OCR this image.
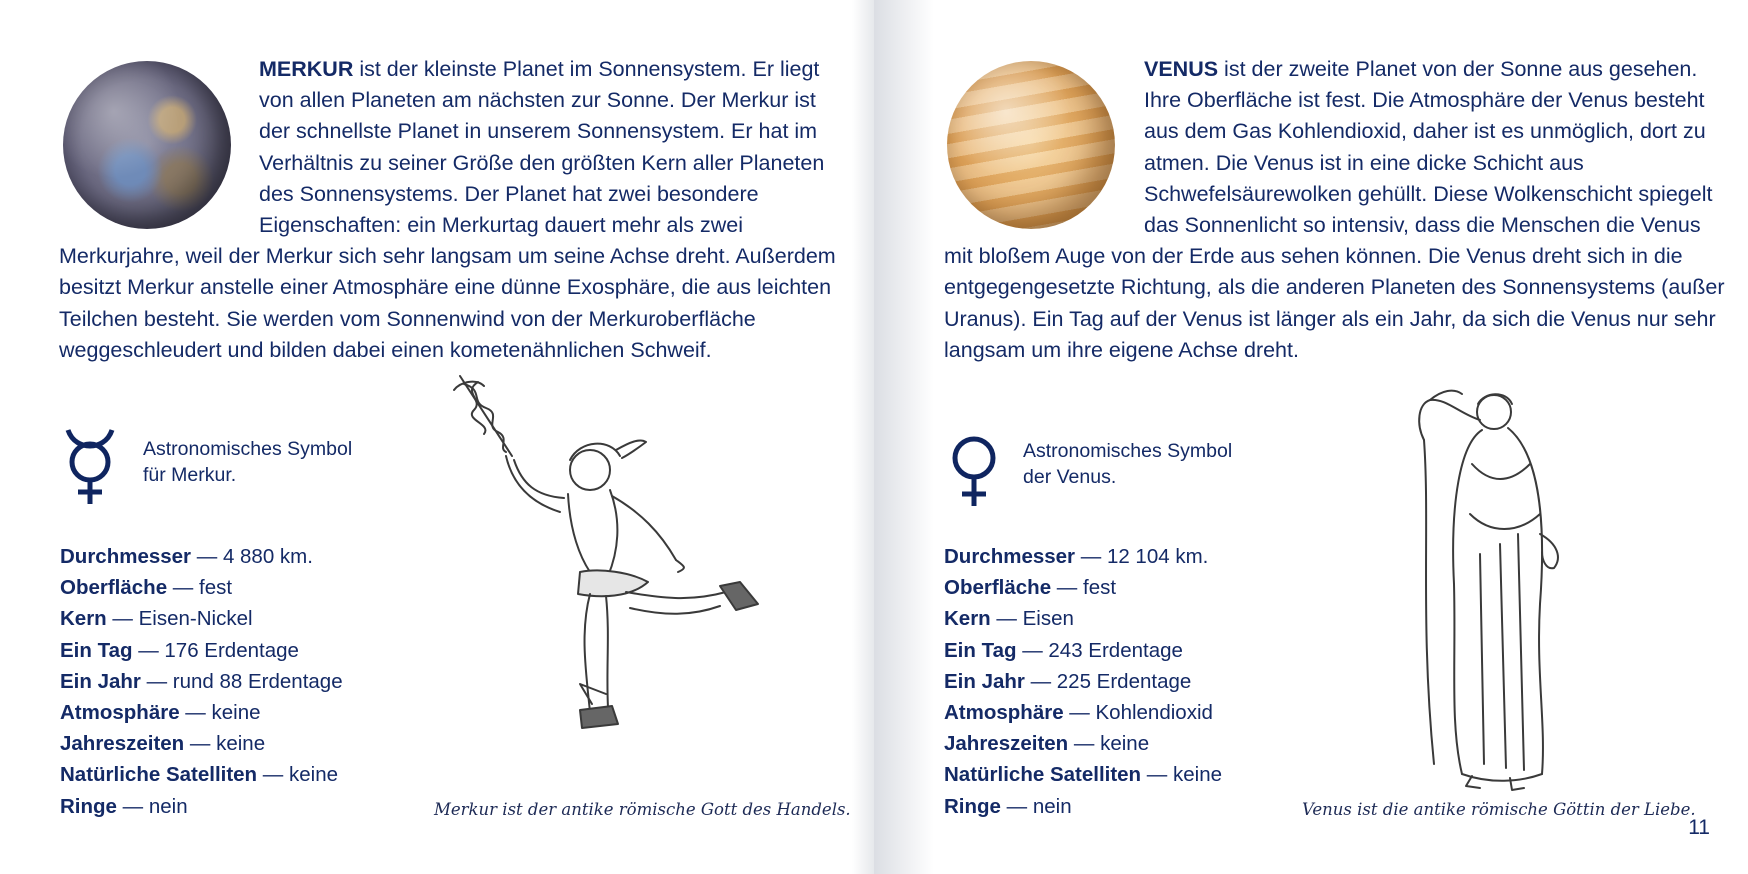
MERKUR ist der kleinste Planet im Sonnensystem. Er liegt von allen Planeten am nächsten zur Sonne. Der Merkur ist der schnellste Planet in unserem Sonnensystem. Er hat im Verhältnis zu seiner Größe den größten Kern aller Planeten des Sonnensystems. Der Planet hat zwei besondere Eigenschaften: ein Merkurtag dauert mehr als zwei Merkurjahre, weil der Merkur sich sehr langsam um seine Achse dreht. Außerdem besitzt Merkur anstelle einer Atmosphäre eine dünne Exosphäre, die aus leichten Teilchen besteht. Sie werden vom Sonnenwind von der Merkuroberfläche weggeschleudert und bilden dabei einen kometenähnlichen Schweif.

Astronomisches Symbol
für Merkur.

Durchmesser — 4 880 km.
Oberfläche — fest
Kern — Eisen-Nickel
Ein Tag — 176 Erdentage
Ein Jahr — rund 88 Erdentage
Atmosphäre — keine
Jahreszeiten — keine
Natürliche Satelliten — keine
Ringe — nein	Merkur ist der antike römische Gott des Handels.

VENUS ist der zweite Planet von der Sonne aus gesehen. Ihre Oberfläche ist fest. Die Atmosphäre der Venus besteht aus dem Gas Kohlendioxid, daher ist es unmöglich, dort zu atmen. Die Venus ist in eine dicke Schicht aus Schwefelsäurewolken gehüllt. Diese Wolkenschicht spiegelt das Sonnenlicht so intensiv, dass die Menschen die Venus mit bloßem Auge von der Erde aus sehen können. Die Venus dreht sich in die entgegengesetzte Richtung, als die anderen Planeten des Sonnensystems (außer Uranus). Ein Tag auf der Venus ist länger als ein Jahr, da sich die Venus nur sehr langsam um ihre eigene Achse dreht.

Astronomisches Symbol
der Venus.

Durchmesser — 12 104 km.
Oberfläche — fest
Kern — Eisen
Ein Tag — 243 Erdentage
Ein Jahr — 225 Erdentage
Atmosphäre — Kohlendioxid
Jahreszeiten — keine
Natürliche Satelliten — keine
Ringe — nein	Venus ist die antike römische Göttin der Liebe.

11
